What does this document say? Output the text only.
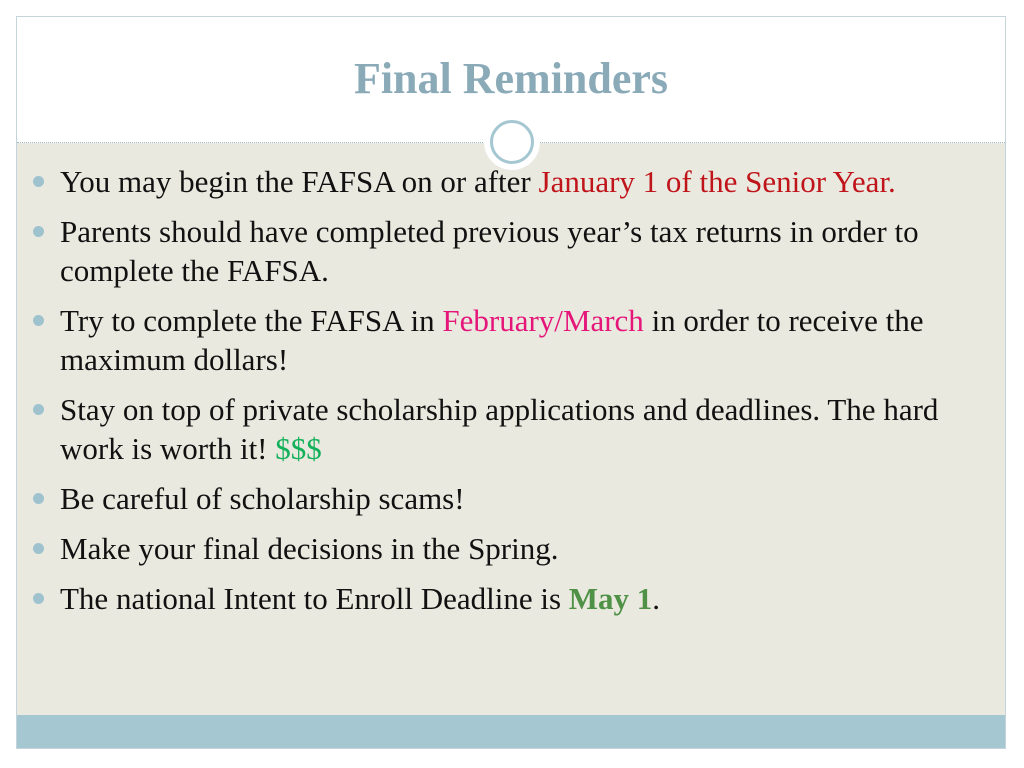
Final Reminders
You may begin the FAFSA on or after January 1 of the Senior Year.
Parents should have completed previous year’s tax returns in order to complete the FAFSA.
Try to complete the FAFSA in February/March in order to receive the maximum dollars!
Stay on top of private scholarship applications and deadlines. The hard work is worth it! $$$
Be careful of scholarship scams!
Make your final decisions in the Spring.
The national Intent to Enroll Deadline is May 1.
